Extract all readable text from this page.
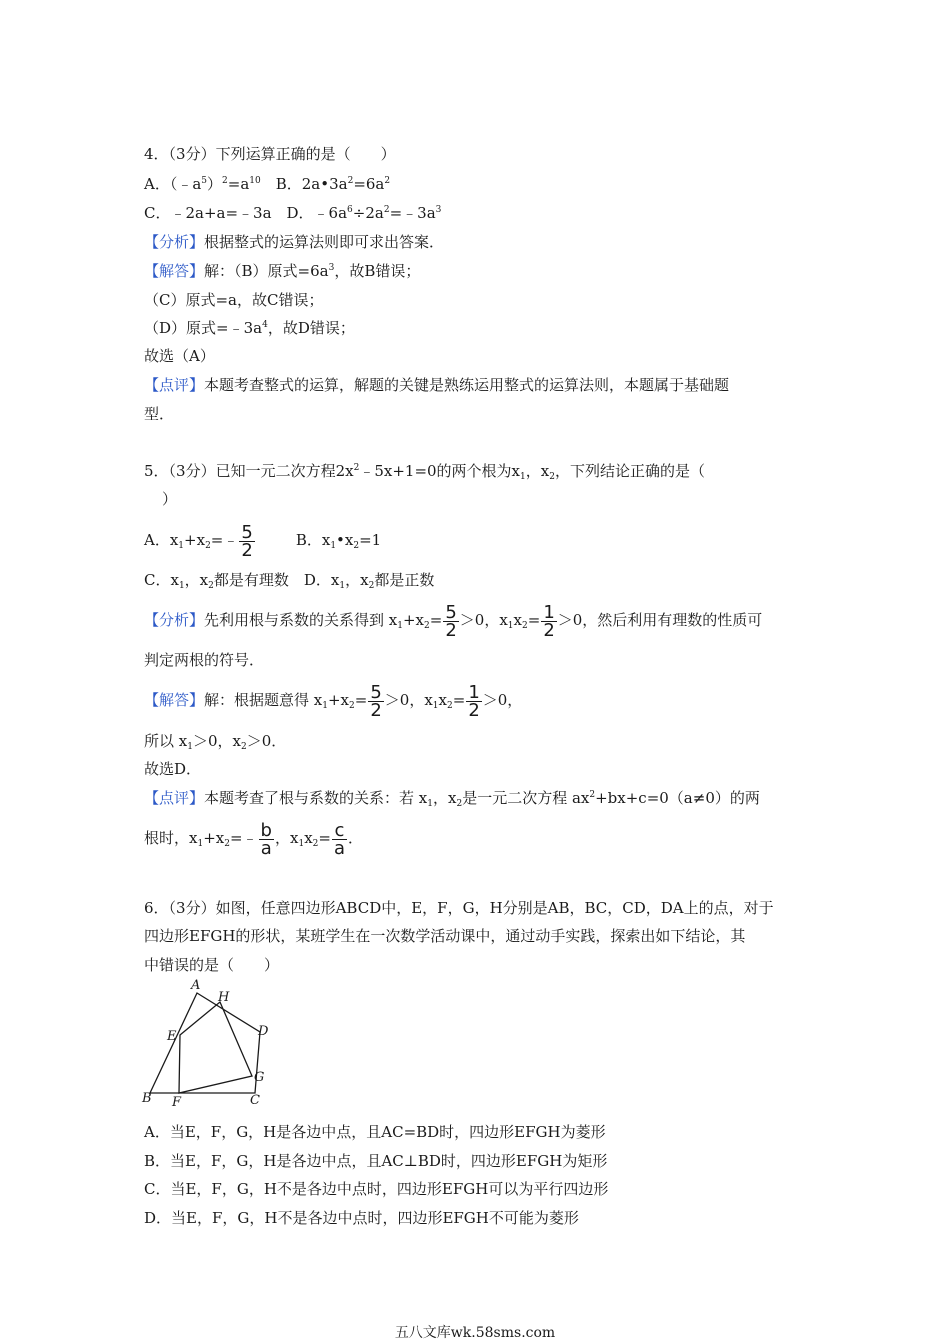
4．（3分）下列运算正确的是（　　）
A．$(﹣a^5)^2=a^{10}$　B．$2a•3a^2=6a^2$
C．﹣2a+a=﹣3a　D．$﹣6a^6\div 2a^2=﹣3a^3$
【分析】根据整式的运算法则即可求出答案．
【解答】解：（B）原式$=6a^3$，故B错误；
（C）原式=a，故C错误；
（D）原式$=﹣3a^4$，故D错误；
故选（A）
【点评】本题考查整式的运算，解题的关键是熟练运用整式的运算法则，本题属于基础题
型．
5．（3分）已知一元二次方程$2x^2﹣5x+1=0$的两个根为$x_1$，$x_2$，下列结论正确的是（
）
A．$x_1+x_2=﹣ \frac{5}{2}$	B．$x_1•x_2=1$
C．$x_1$，$x_2$都是有理数　D．$x_1$，$x_2$都是正数
【分析】先利用根与系数的关系得到 $x_1+x_2= \frac{5}{2} >0$，$x_1x_2= \frac{1}{2} >0$，然后利用有理数的性质可
判定两根的符号．
【解答】解：根据题意得 $x_1+x_2= \frac{5}{2} >0$，$x_1x_2= \frac{1}{2} >0$，
所以 $x_1>0$，$x_2>0$．
故选D．
【点评】本题考查了根与系数的关系：若 $x_1$，$x_2$是一元二次方程 $ax^2+bx+c=0(a\ne 0)$的两
根时，$x_1+x_2=﹣ \frac{b}{a}$ ，$x_1x_2= \frac{c}{a}$ ．
6．（3分）如图，任意四边形ABCD中，E，F，G，H分别是AB，BC，CD，DA上的点，对于
四边形EFGH的形状，某班学生在一次数学活动课中，通过动手实践，探索出如下结论，其
中错误的是（　　）
A
H
E	D
G
B F	C
A．当E，F，G，H是各边中点，且AC=BD时，四边形EFGH为菱形
B．当E，F，G，H是各边中点，且AC⊥BD时，四边形EFGH为矩形
C．当E，F，G，H不是各边中点时，四边形EFGH可以为平行四边形
D．当E，F，G，H不是各边中点时，四边形EFGH不可能为菱形
五八文库wk.58sms.com
